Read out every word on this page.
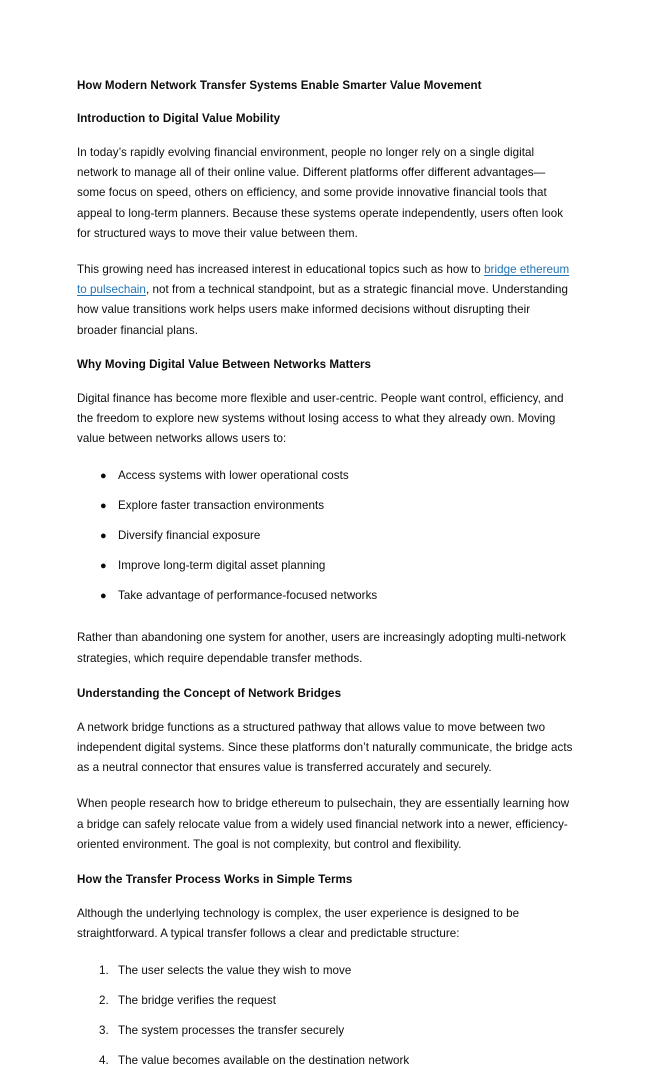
How Modern Network Transfer Systems Enable Smarter Value Movement
Introduction to Digital Value Mobility

In today’s rapidly evolving financial environment, people no longer rely on a single digital network to manage all of their online value. Different platforms offer different advantages—some focus on speed, others on efficiency, and some provide innovative financial tools that appeal to long-term planners. Because these systems operate independently, users often look for structured ways to move their value between them.

This growing need has increased interest in educational topics such as how to bridge ethereum to pulsechain, not from a technical standpoint, but as a strategic financial move. Understanding how value transitions work helps users make informed decisions without disrupting their broader financial plans.

Why Moving Digital Value Between Networks Matters

Digital finance has become more flexible and user-centric. People want control, efficiency, and the freedom to explore new systems without losing access to what they already own. Moving value between networks allows users to:

● Access systems with lower operational costs
● Explore faster transaction environments
● Diversify financial exposure
● Improve long-term digital asset planning
● Take advantage of performance-focused networks

Rather than abandoning one system for another, users are increasingly adopting multi-network strategies, which require dependable transfer methods.

Understanding the Concept of Network Bridges

A network bridge functions as a structured pathway that allows value to move between two independent digital systems. Since these platforms don’t naturally communicate, the bridge acts as a neutral connector that ensures value is transferred accurately and securely.

When people research how to bridge ethereum to pulsechain, they are essentially learning how a bridge can safely relocate value from a widely used financial network into a newer, efficiency-oriented environment. The goal is not complexity, but control and flexibility.

How the Transfer Process Works in Simple Terms

Although the underlying technology is complex, the user experience is designed to be straightforward. A typical transfer follows a clear and predictable structure:

1. The user selects the value they wish to move
2. The bridge verifies the request
3. The system processes the transfer securely
4. The value becomes available on the destination network
